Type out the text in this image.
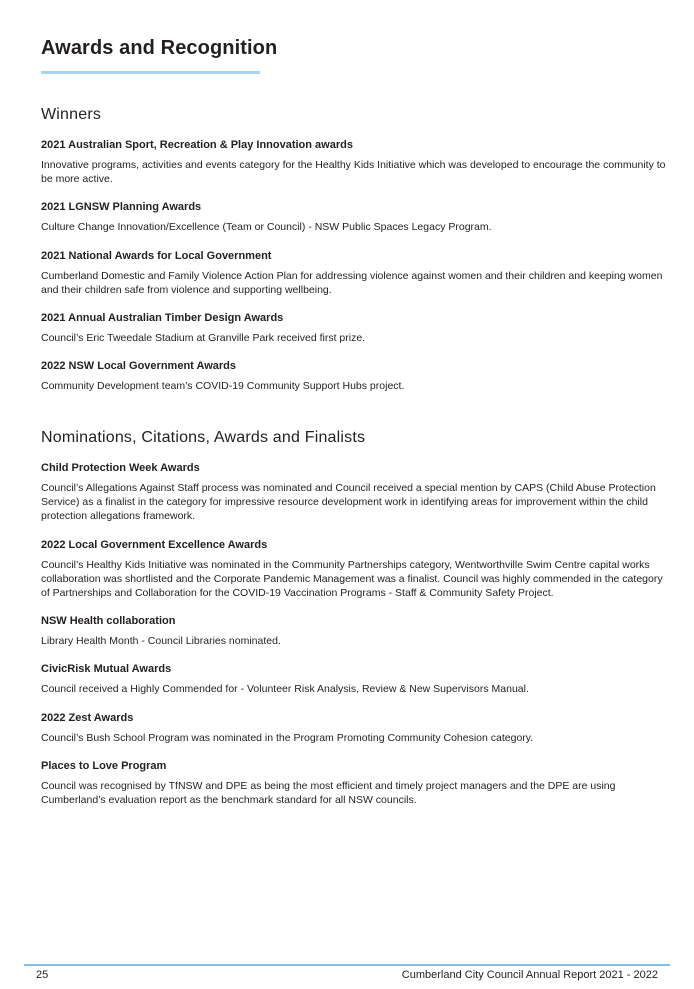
Awards and Recognition
Winners
2021 Australian Sport, Recreation & Play Innovation awards

Innovative programs, activities and events category for the Healthy Kids Initiative which was developed to encourage the community to be more active.

2021 LGNSW Planning Awards

Culture Change Innovation/Excellence (Team or Council) - NSW Public Spaces Legacy Program.

2021 National Awards for Local Government

Cumberland Domestic and Family Violence Action Plan for addressing violence against women and their children and keeping women and their children safe from violence and supporting wellbeing.

2021 Annual Australian Timber Design Awards

Council’s Eric Tweedale Stadium at Granville Park received first prize.

2022 NSW Local Government Awards

Community Development team’s COVID-19 Community Support Hubs project.

Nominations, Citations, Awards and Finalists
Child Protection Week Awards

Council’s Allegations Against Staff process was nominated and Council received a special mention by CAPS (Child Abuse Protection Service) as a finalist in the category for impressive resource development work in identifying areas for improvement within the child protection allegations framework.

2022 Local Government Excellence Awards

Council’s Healthy Kids Initiative was nominated in the Community Partnerships category, Wentworthville Swim Centre capital works collaboration was shortlisted and the Corporate Pandemic Management was a finalist. Council was highly commended in the category of Partnerships and Collaboration for the COVID-19 Vaccination Programs - Staff & Community Safety Project.

NSW Health collaboration

Library Health Month - Council Libraries nominated.

CivicRisk Mutual Awards

Council received a Highly Commended for - Volunteer Risk Analysis, Review & New Supervisors Manual.

2022 Zest Awards

Council’s Bush School Program was nominated in the Program Promoting Community Cohesion category.

Places to Love Program

Council was recognised by TfNSW and DPE as being the most efficient and timely project managers and the DPE are using Cumberland’s evaluation report as the benchmark standard for all NSW councils.

25	Cumberland City Council Annual Report 2021 - 2022
